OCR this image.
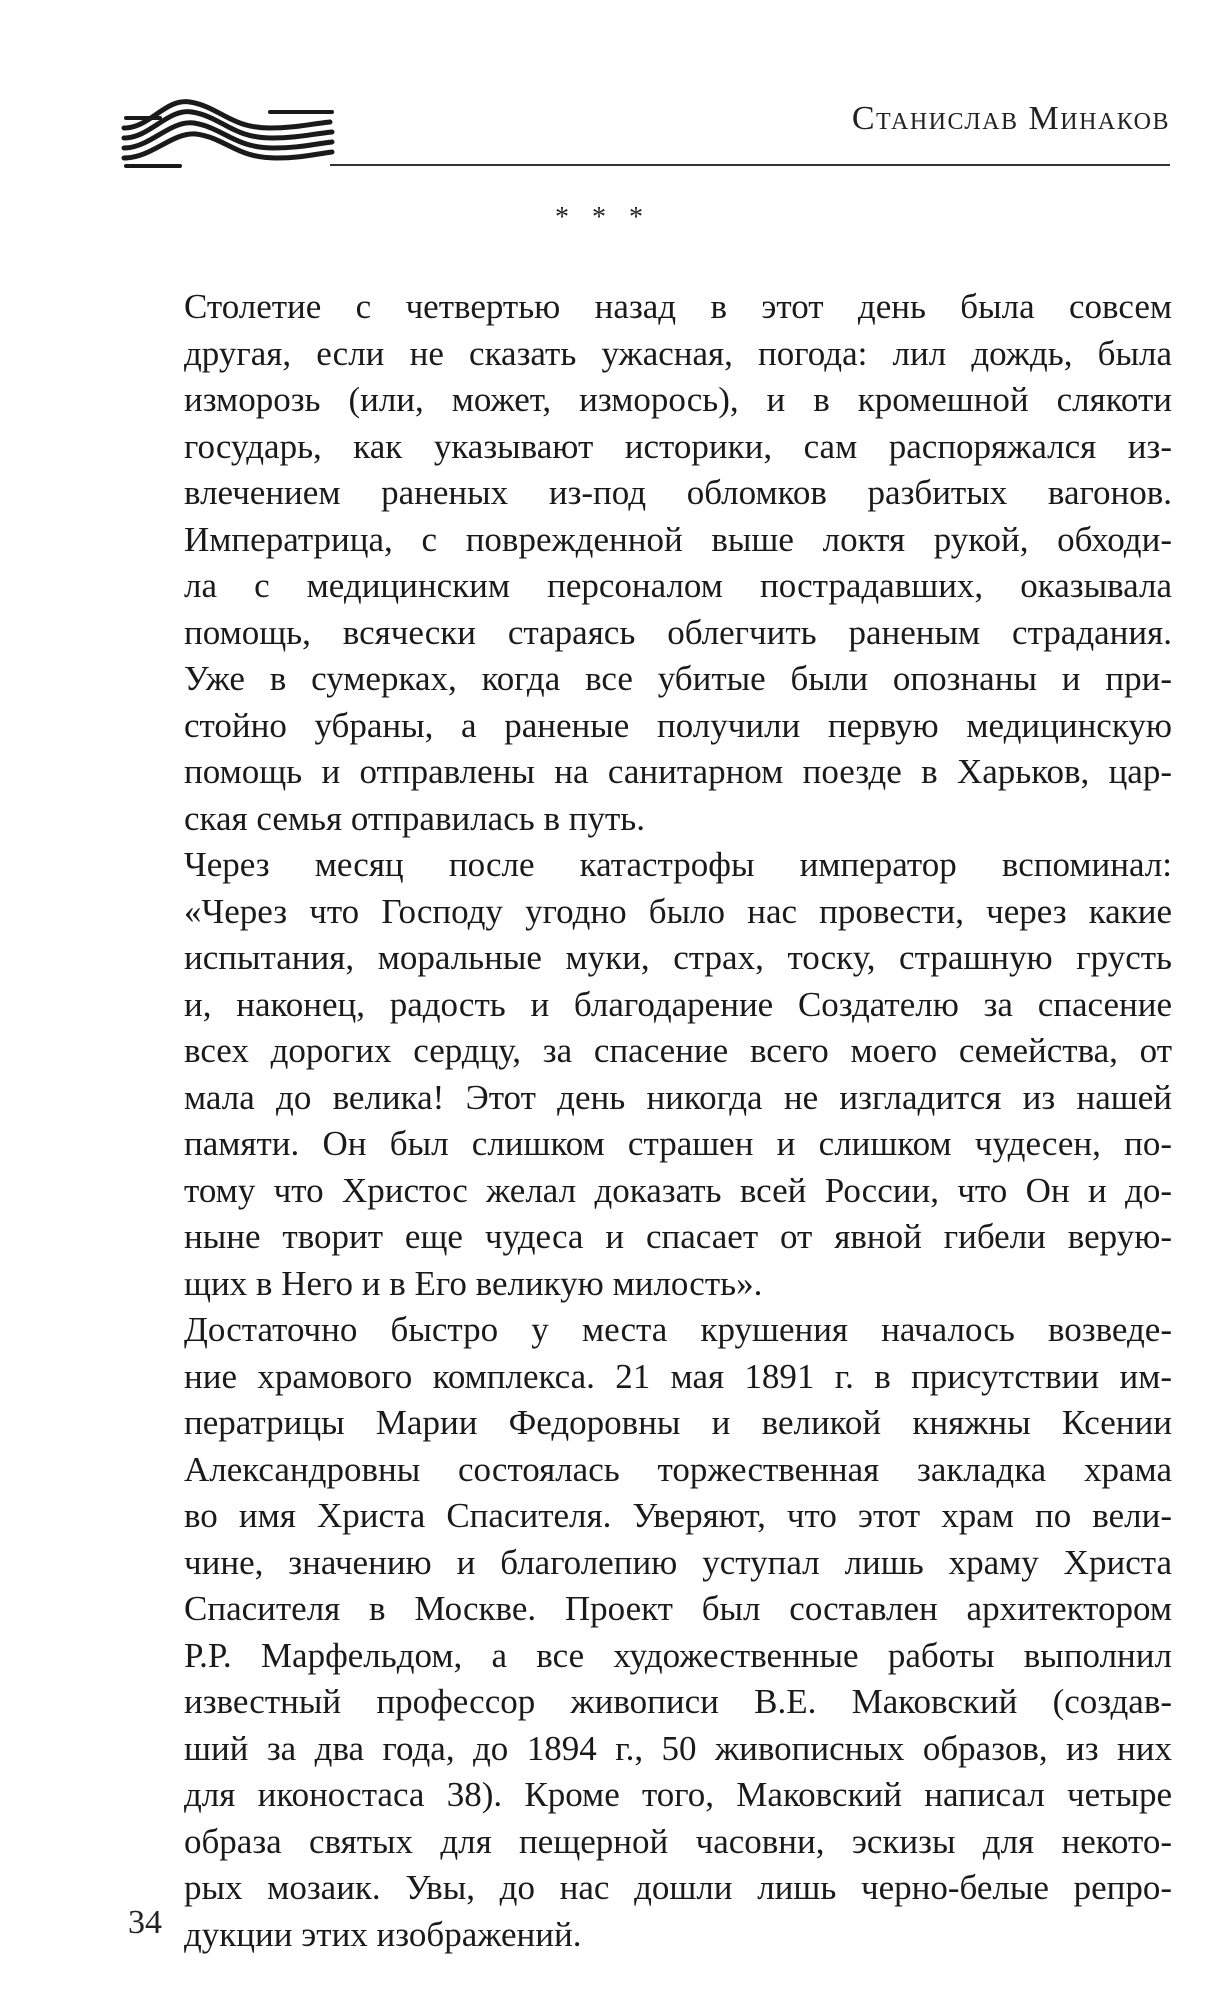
Станислав Минаков
* * *

Столетие с четвертью назад в этот день была совсем
другая, если не сказать ужасная, погода: лил дождь, была
изморозь (или, может, изморось), и в кромешной слякоти
государь, как указывают историки, сам распоряжался из-
влечением раненых из-под обломков разбитых вагонов.
Императрица, с поврежденной выше локтя рукой, обходи-
ла с медицинским персоналом пострадавших, оказывала
помощь, всячески стараясь облегчить раненым страдания.
Уже в сумерках, когда все убитые были опознаны и при-
стойно убраны, а раненые получили первую медицинскую
помощь и отправлены на санитарном поезде в Харьков, цар-
ская семья отправилась в путь.

Через месяц после катастрофы император вспоминал:
«Через что Господу угодно было нас провести, через какие
испытания, моральные муки, страх, тоску, страшную грусть
и, наконец, радость и благодарение Создателю за спасение
всех дорогих сердцу, за спасение всего моего семейства, от
мала до велика! Этот день никогда не изгладится из нашей
памяти. Он был слишком страшен и слишком чудесен, по-
тому что Христос желал доказать всей России, что Он и до-
ныне творит еще чудеса и спасает от явной гибели верую-
щих в Него и в Его великую милость».

Достаточно быстро у места крушения началось возведе-
ние храмового комплекса. 21 мая 1891 г. в присутствии им-
ператрицы Марии Федоровны и великой княжны Ксении
Александровны состоялась торжественная закладка храма
во имя Христа Спасителя. Уверяют, что этот храм по вели-
чине, значению и благолепию уступал лишь храму Христа
Спасителя в Москве. Проект был составлен архитектором
Р.Р. Марфельдом, а все художественные работы выполнил
известный профессор живописи В.Е. Маковский (создав-
ший за два года, до 1894 г., 50 живописных образов, из них
для иконостаса 38). Кроме того, Маковский написал четыре
образа святых для пещерной часовни, эскизы для некото-
рых мозаик. Увы, до нас дошли лишь черно-белые репро-
дукции этих изображений.

34
